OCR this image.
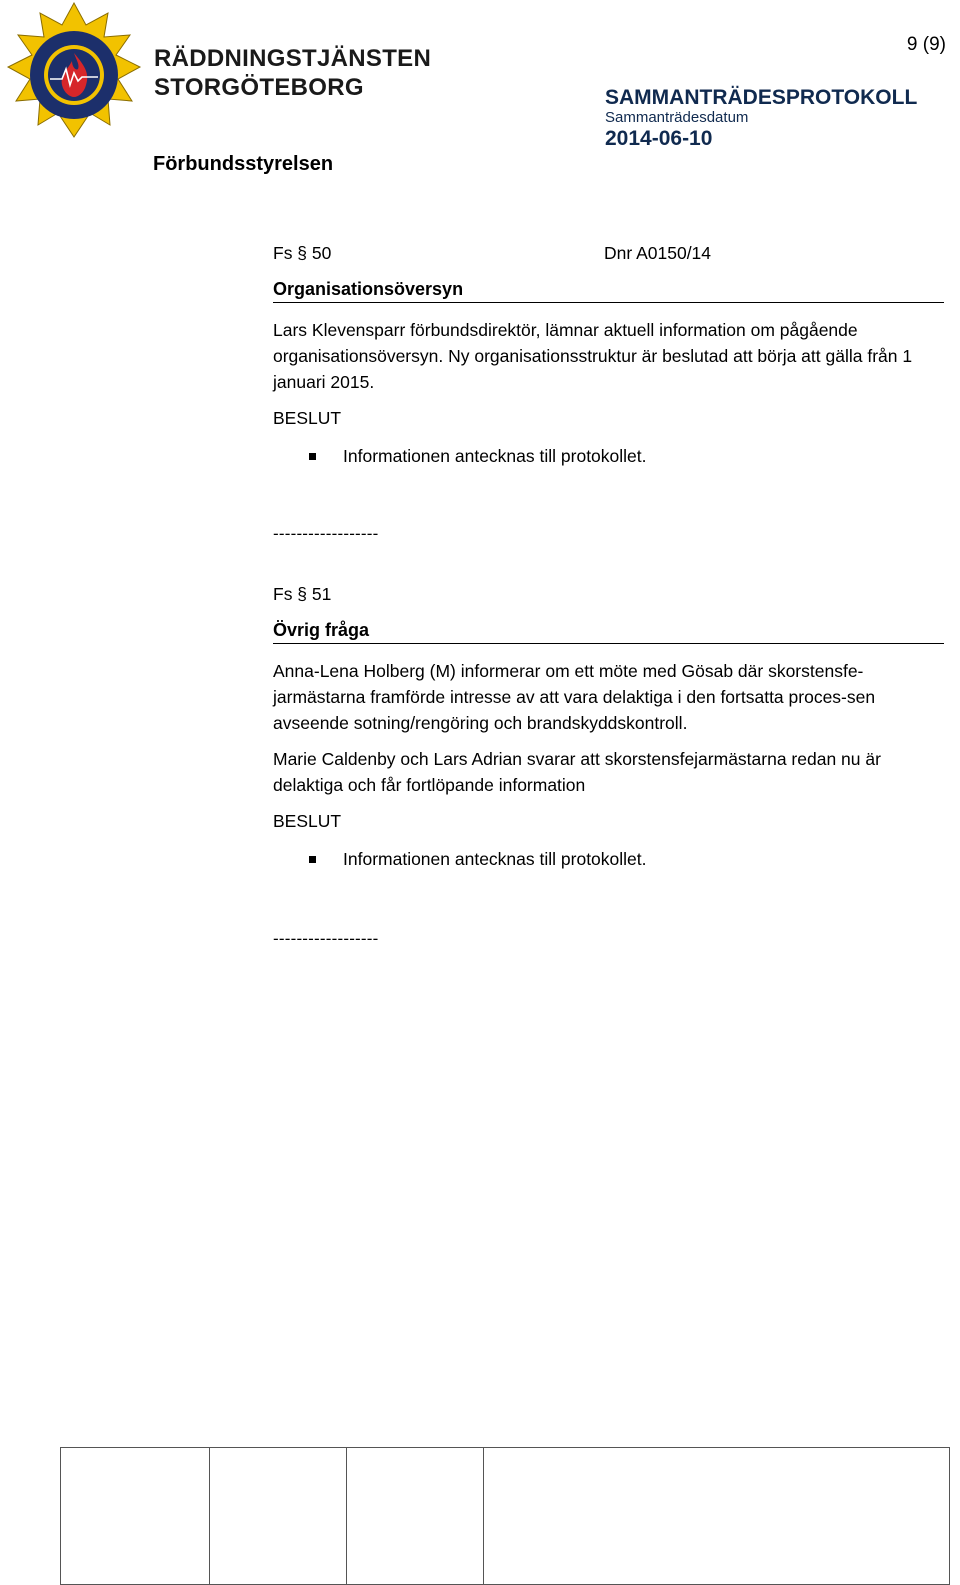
RÄDDNINGSTJÄNSTEN
STORGÖTEBORG
9 (9)
SAMMANTRÄDESPROTOKOLL
Sammanträdesdatum
2014-06-10
Förbundsstyrelsen
Fs § 50	Dnr A0150/14
Organisationsöversyn
Lars Klevensparr förbundsdirektör, lämnar aktuell information om pågående organisationsöversyn. Ny organisationsstruktur är beslutad att börja att gälla från 1 januari 2015.
BESLUT
Informationen antecknas till protokollet.
------------------
Fs § 51
Övrig fråga
Anna-Lena Holberg (M) informerar om ett möte med Gösab där skorstensfe-jarmästarna framförde intresse av att vara delaktiga i den fortsatta proces-sen avseende sotning/rengöring och brandskyddskontroll.
Marie Caldenby och Lars Adrian svarar att skorstensfejarmästarna redan nu är delaktiga och får fortlöpande information
BESLUT
Informationen antecknas till protokollet.
------------------
